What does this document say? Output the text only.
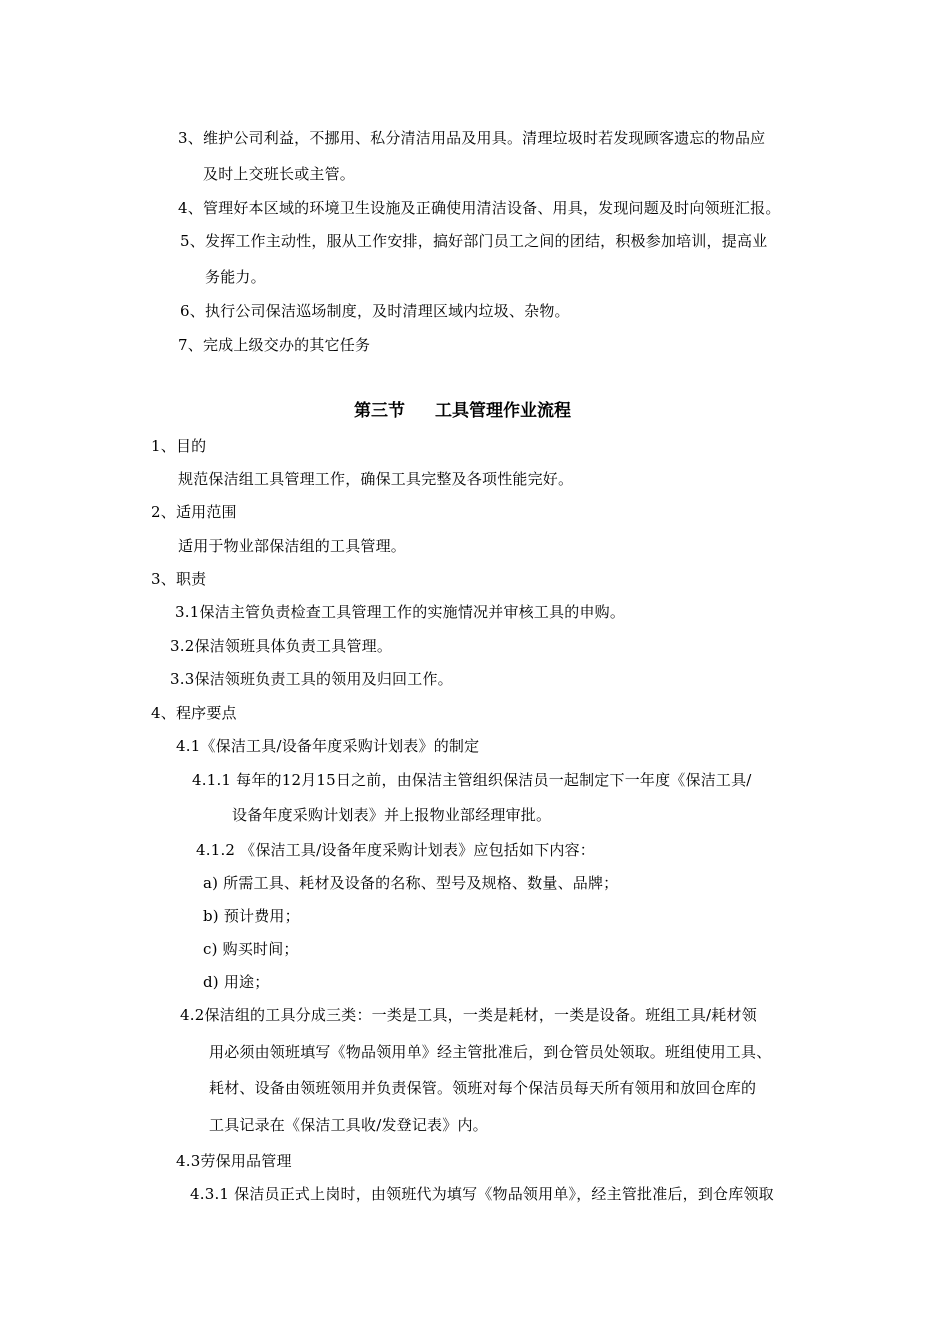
3、维护公司利益，不挪用、私分清洁用品及用具。清理垃圾时若发现顾客遗忘的物品应
及时上交班长或主管。
4、管理好本区域的环境卫生设施及正确使用清洁设备、用具，发现问题及时向领班汇报。
5、发挥工作主动性，服从工作安排，搞好部门员工之间的团结，积极参加培训，提高业
务能力。
6、执行公司保洁巡场制度，及时清理区域内垃圾、杂物。
7、完成上级交办的其它任务
第三节 工具管理作业流程
1、目的
规范保洁组工具管理工作，确保工具完整及各项性能完好。
2、适用范围
适用于物业部保洁组的工具管理。
3、职责
3.1保洁主管负责检查工具管理工作的实施情况并审核工具的申购。
3.2保洁领班具体负责工具管理。
3.3保洁领班负责工具的领用及归回工作。
4、程序要点
4.1《保洁工具/设备年度采购计划表》的制定
4.1.1 每年的12月15日之前，由保洁主管组织保洁员一起制定下一年度《保洁工具/
设备年度采购计划表》并上报物业部经理审批。
4.1.2 《保洁工具/设备年度采购计划表》应包括如下内容：
a) 所需工具、耗材及设备的名称、型号及规格、数量、品牌；
b) 预计费用；
c) 购买时间；
d) 用途；
4.2保洁组的工具分成三类：一类是工具，一类是耗材，一类是设备。班组工具/耗材领
用必须由领班填写《物品领用单》经主管批准后，到仓管员处领取。班组使用工具、
耗材、设备由领班领用并负责保管。领班对每个保洁员每天所有领用和放回仓库的
工具记录在《保洁工具收/发登记表》内。
4.3劳保用品管理
4.3.1 保洁员正式上岗时，由领班代为填写《物品领用单》，经主管批准后，到仓库领取
